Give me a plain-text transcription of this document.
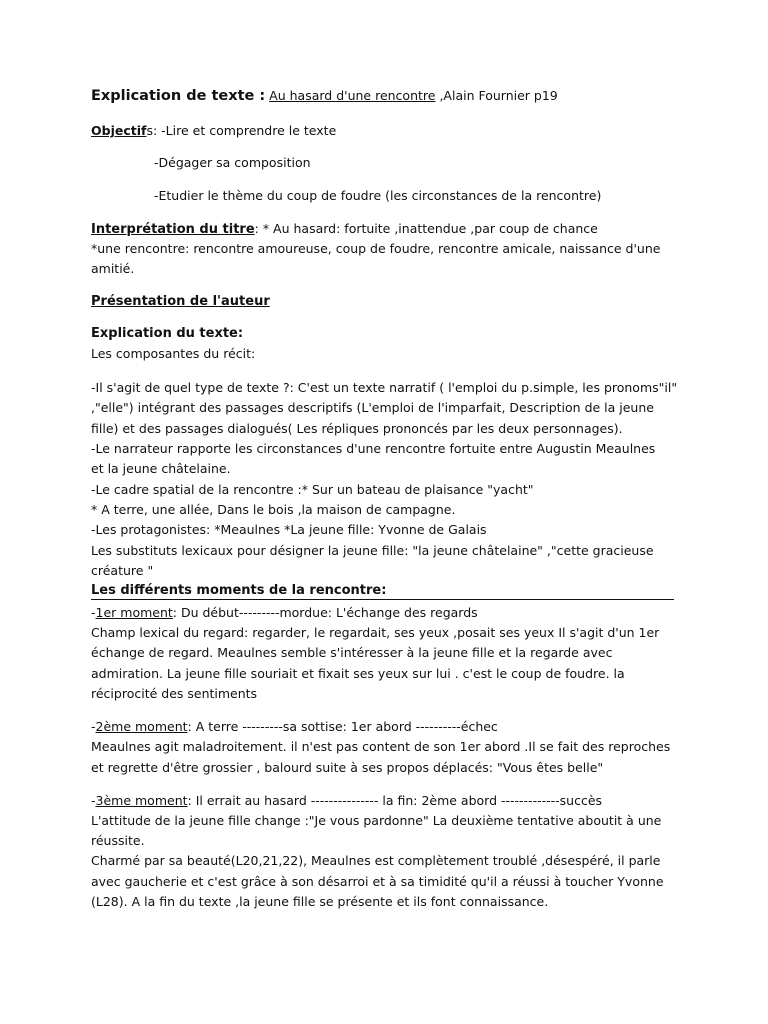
Explication de texte : Au hasard d'une rencontre ,Alain Fournier p19
Objectifs: -Lire et comprendre le texte
-Dégager sa composition
-Etudier le thème du coup de foudre (les circonstances de la rencontre)
Interprétation du titre: * Au hasard: fortuite ,inattendue ,par coup de chance
*une rencontre: rencontre amoureuse, coup de foudre, rencontre amicale, naissance d'une
amitié.
Présentation de l'auteur
Explication du texte:
Les composantes du récit:
-Il s'agit de quel type de texte ?: C'est un texte narratif ( l'emploi du p.simple, les pronoms"il"
,"elle") intégrant des passages descriptifs (L'emploi de l'imparfait, Description de la jeune
fille) et des passages dialogués( Les répliques prononcés par les deux personnages).
-Le narrateur rapporte les circonstances d'une rencontre fortuite entre Augustin Meaulnes
et la jeune châtelaine.
-Le cadre spatial de la rencontre :* Sur un bateau de plaisance "yacht"
* A terre, une allée, Dans le bois ,la maison de campagne.
-Les protagonistes: *Meaulnes *La jeune fille: Yvonne de Galais
Les substituts lexicaux pour désigner la jeune fille: "la jeune châtelaine" ,"cette gracieuse
créature "
Les différents moments de la rencontre:
-1er moment: Du début---------mordue: L'échange des regards
Champ lexical du regard: regarder, le regardait, ses yeux ,posait ses yeux Il s'agit d'un 1er
échange de regard. Meaulnes semble s'intéresser à la jeune fille et la regarde avec
admiration. La jeune fille souriait et fixait ses yeux sur lui . c'est le coup de foudre. la
réciprocité des sentiments
-2ème moment: A terre ---------sa sottise: 1er abord ----------échec
Meaulnes agit maladroitement. il n'est pas content de son 1er abord .Il se fait des reproches
et regrette d'être grossier , balourd suite à ses propos déplacés: "Vous êtes belle"
-3ème moment: Il errait au hasard --------------- la fin: 2ème abord -------------succès
L'attitude de la jeune fille change :"Je vous pardonne" La deuxième tentative aboutit à une
réussite.
Charmé par sa beauté(L20,21,22), Meaulnes est complètement troublé ,désespéré, il parle
avec gaucherie et c'est grâce à son désarroi et à sa timidité qu'il a réussi à toucher Yvonne
(L28). A la fin du texte ,la jeune fille se présente et ils font connaissance.
